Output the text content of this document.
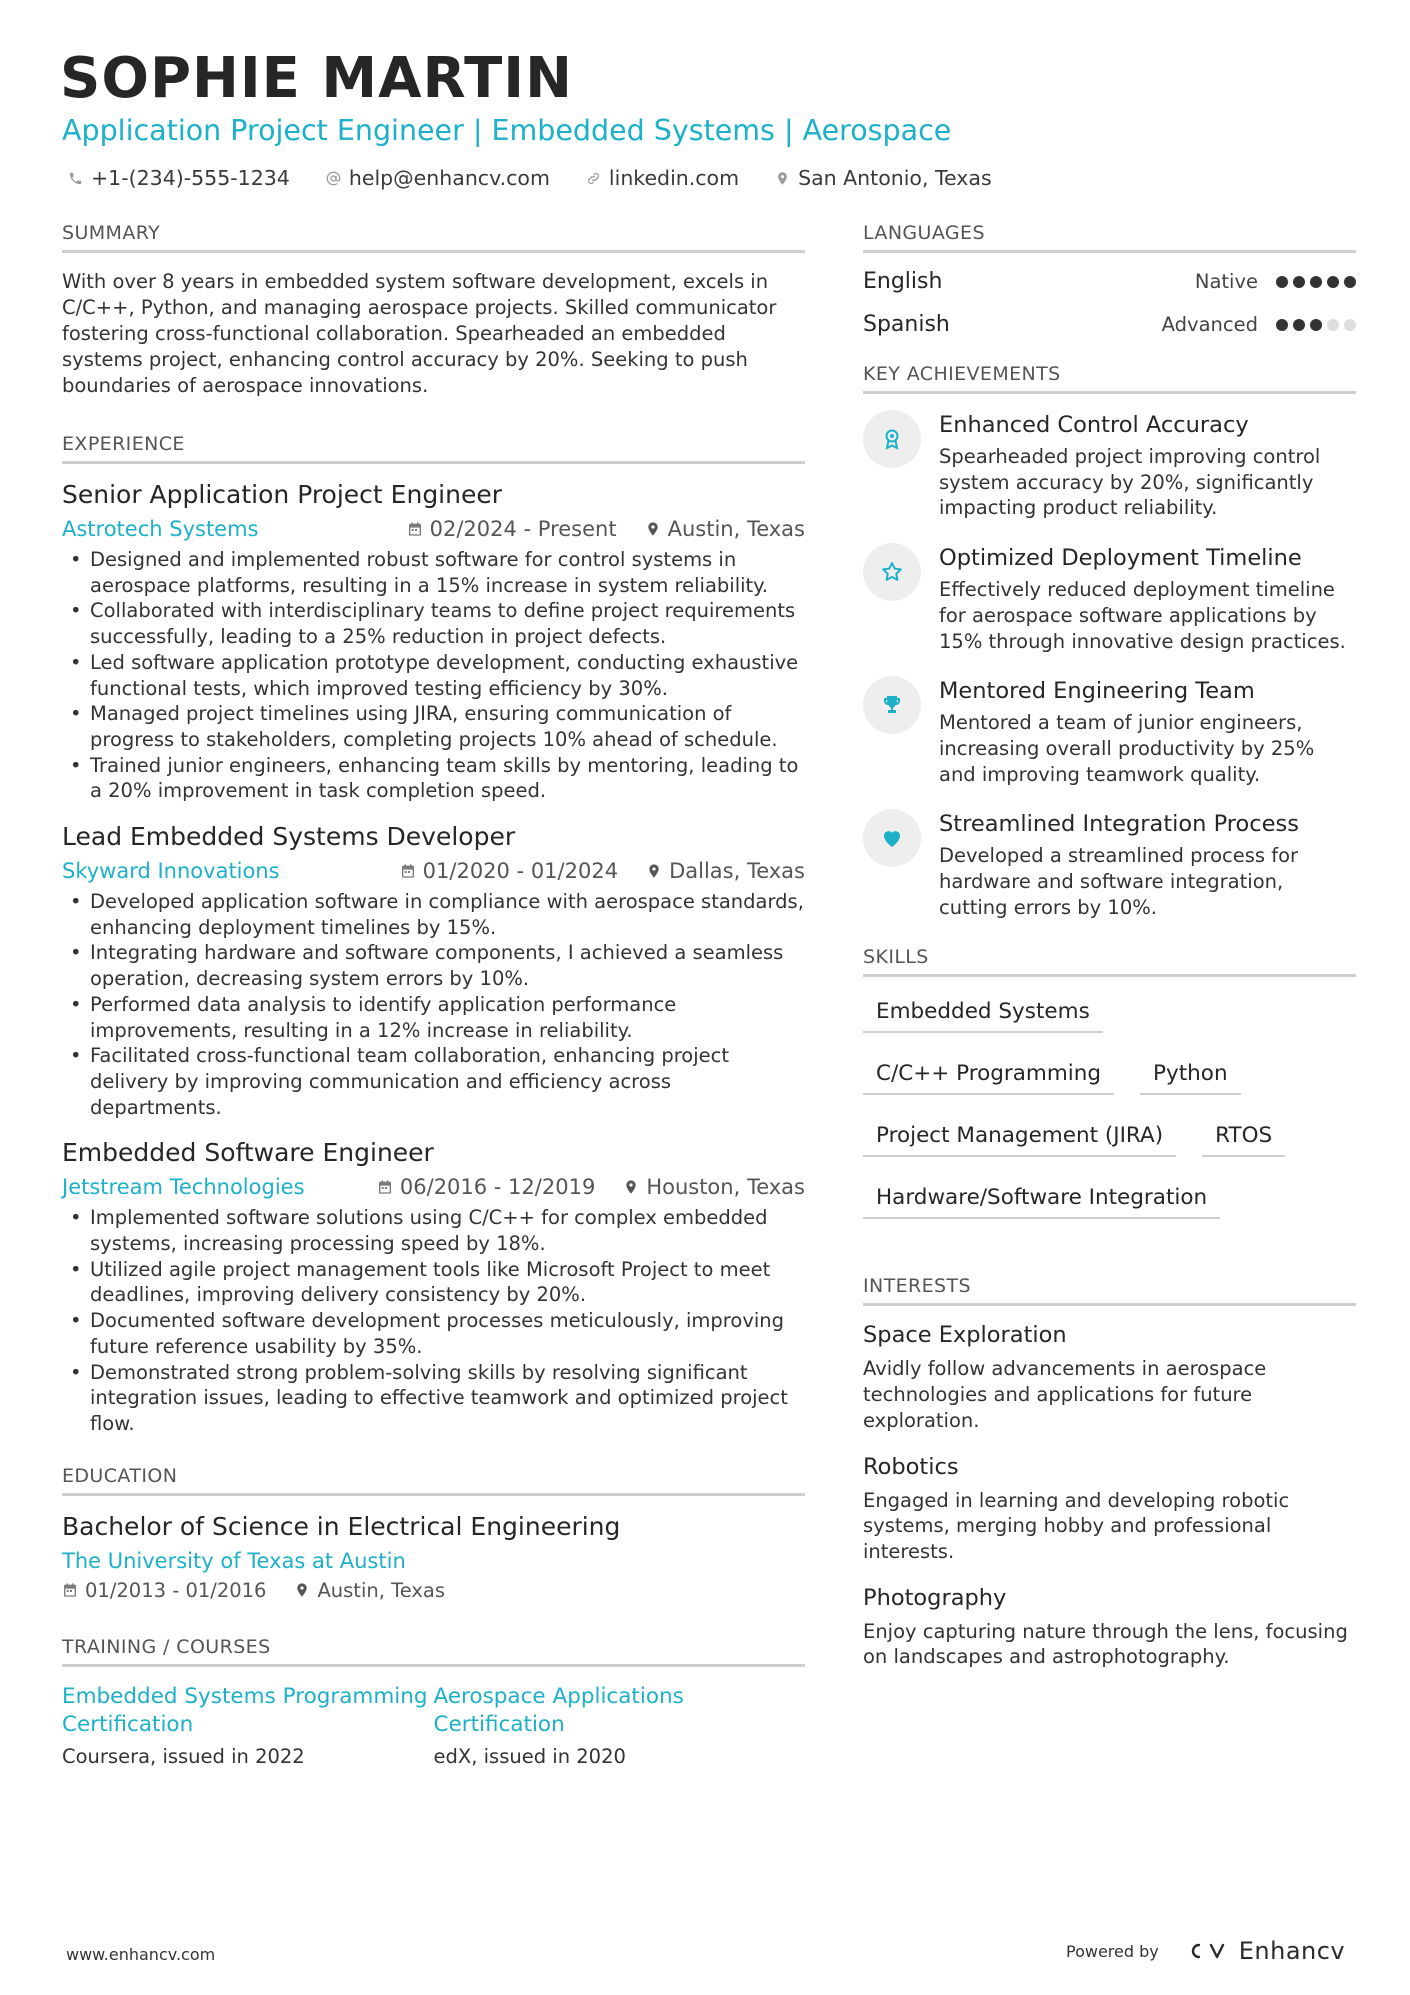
SOPHIE MARTIN
Application Project Engineer | Embedded Systems | Aerospace
+1-(234)-555-1234	help@enhancv.com	linkedin.com	San Antonio, Texas
SUMMARY

With over 8 years in embedded system software development, excels in C/C++, Python, and managing aerospace projects. Skilled communicator fostering cross-functional collaboration. Spearheaded an embedded systems project, enhancing control accuracy by 20%. Seeking to push boundaries of aerospace innovations.

EXPERIENCE
Senior Application Project Engineer
Astrotech Systems	02/2024 - Present Austin, Texas
• Designed and implemented robust software for control systems in aerospace platforms, resulting in a 15% increase in system reliability.
• Collaborated with interdisciplinary teams to define project requirements successfully, leading to a 25% reduction in project defects.
• Led software application prototype development, conducting exhaustive functional tests, which improved testing efficiency by 30%.
• Managed project timelines using JIRA, ensuring communication of progress to stakeholders, completing projects 10% ahead of schedule.
• Trained junior engineers, enhancing team skills by mentoring, leading to a 20% improvement in task completion speed.
Lead Embedded Systems Developer
Skyward Innovations	01/2020 - 01/2024 Dallas, Texas
• Developed application software in compliance with aerospace standards, enhancing deployment timelines by 15%.
• Integrating hardware and software components, I achieved a seamless operation, decreasing system errors by 10%.
• Performed data analysis to identify application performance improvements, resulting in a 12% increase in reliability.
• Facilitated cross-functional team collaboration, enhancing project delivery by improving communication and efficiency across departments.
Embedded Software Engineer
Jetstream Technologies	06/2016 - 12/2019 Houston, Texas
• Implemented software solutions using C/C++ for complex embedded systems, increasing processing speed by 18%.
• Utilized agile project management tools like Microsoft Project to meet deadlines, improving delivery consistency by 20%.
• Documented software development processes meticulously, improving future reference usability by 35%.
• Demonstrated strong problem-solving skills by resolving significant integration issues, leading to effective teamwork and optimized project flow.
EDUCATION
Bachelor of Science in Electrical Engineering
The University of Texas at Austin
01/2013 - 01/2016	Austin, Texas
TRAINING / COURSES
Embedded Systems Programming Certification
Coursera, issued in 2022
Aerospace Applications Certification
edX, issued in 2020
LANGUAGES
English	Native
Spanish	Advanced
KEY ACHIEVEMENTS
Enhanced Control Accuracy
Spearheaded project improving control system accuracy by 20%, significantly impacting product reliability.
Optimized Deployment Timeline
Effectively reduced deployment timeline for aerospace software applications by 15% through innovative design practices.
Mentored Engineering Team
Mentored a team of junior engineers, increasing overall productivity by 25% and improving teamwork quality.
Streamlined Integration Process
Developed a streamlined process for hardware and software integration, cutting errors by 10%.
SKILLS
Embedded Systems
C/C++ Programming	Python
Project Management (JIRA)	RTOS
Hardware/Software Integration
INTERESTS
Space Exploration
Avidly follow advancements in aerospace technologies and applications for future exploration.
Robotics
Engaged in learning and developing robotic systems, merging hobby and professional interests.
Photography
Enjoy capturing nature through the lens, focusing on landscapes and astrophotography.
www.enhancv.com	Powered by	Enhancv
